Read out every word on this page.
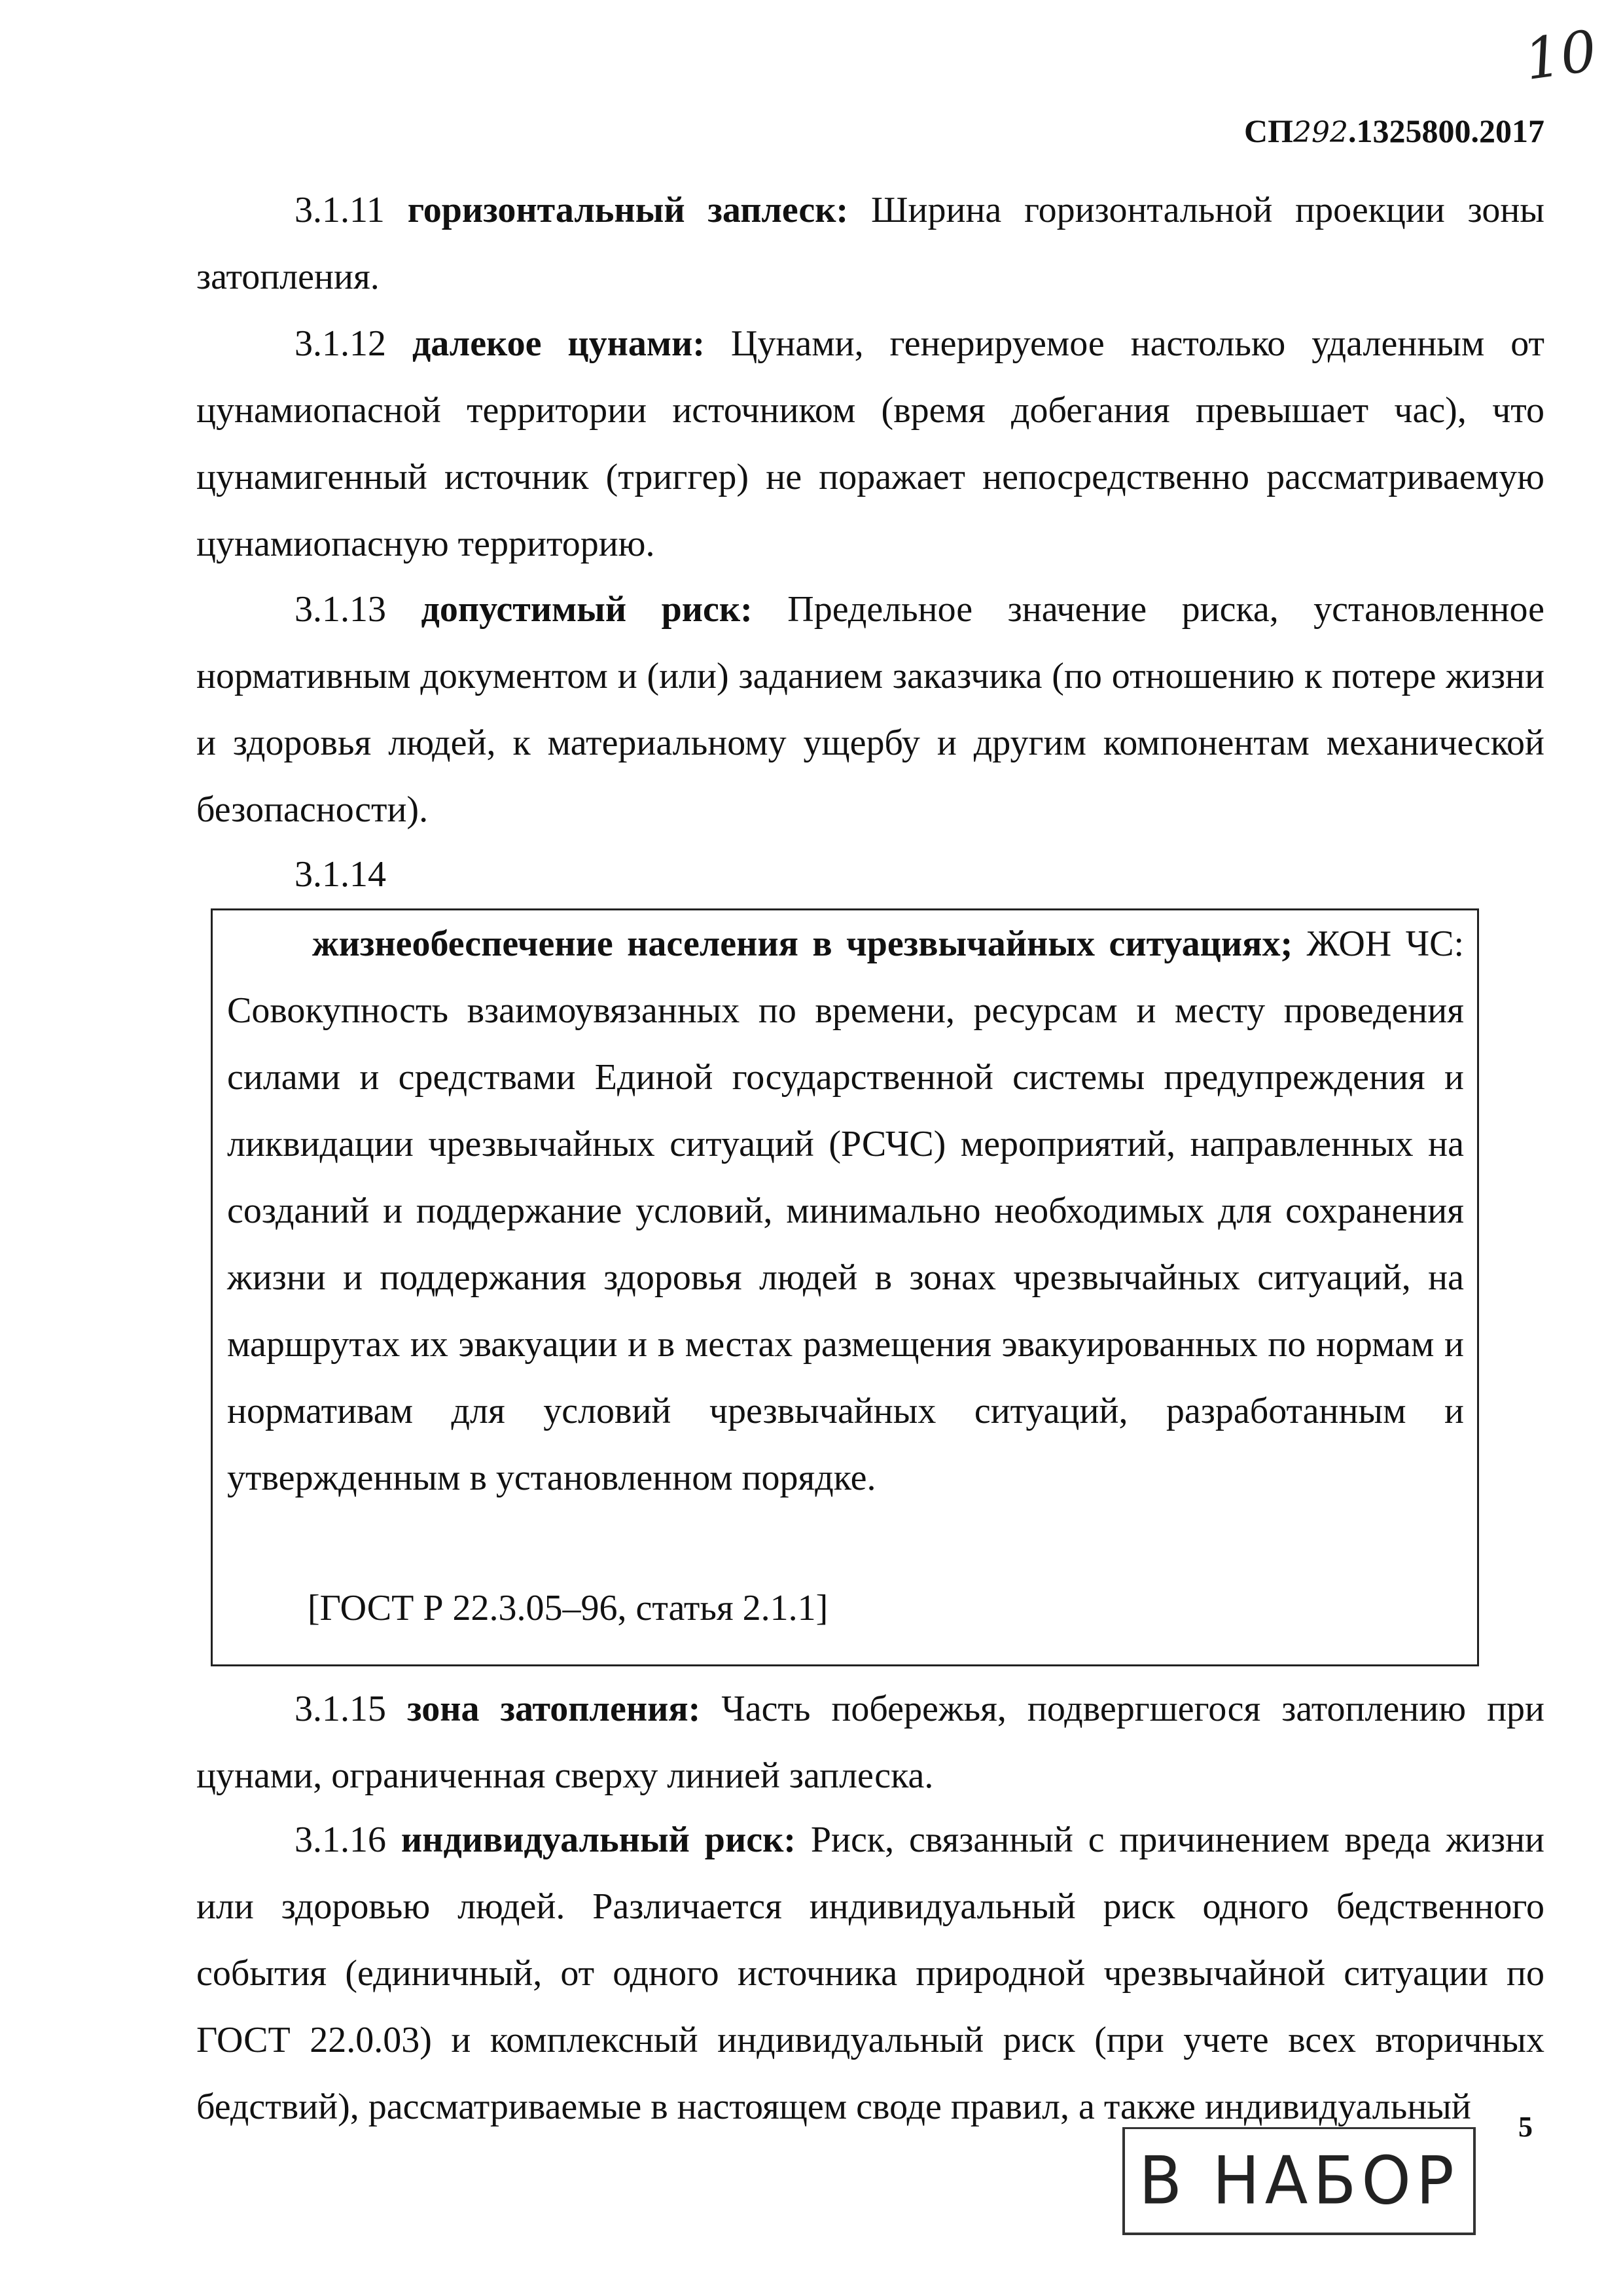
10
СП292.1325800.2017
3.1.11 горизонтальный заплеск: Ширина горизонтальной проекции зоны затопления.
3.1.12 далекое цунами: Цунами, генерируемое настолько удаленным от цунамиопасной территории источником (время добегания превышает час), что цунамигенный источник (триггер) не поражает непосредственно рассматриваемую цунамиопасную территорию.
3.1.13 допустимый риск: Предельное значение риска, установленное нормативным документом и (или) заданием заказчика (по отношению к потере жизни и здоровья людей, к материальному ущербу и другим компонентам механической безопасности).
3.1.14
жизнеобеспечение населения в чрезвычайных ситуациях; ЖОН ЧС: Совокупность взаимоувязанных по времени, ресурсам и месту проведения силами и средствами Единой государственной системы предупреждения и ликвидации чрезвычайных ситуаций (РСЧС) мероприятий, направленных на созданий и поддержание условий, минимально необходимых для сохранения жизни и поддержания здоровья людей в зонах чрезвычайных ситуаций, на маршрутах их эвакуации и в местах размещения эвакуированных по нормам и нормативам для условий чрезвычайных ситуаций, разработанным и утвержденным в установленном порядке.
[ГОСТ Р 22.3.05–96, статья 2.1.1]
3.1.15 зона затопления: Часть побережья, подвергшегося затоплению при цунами, ограниченная сверху линией заплеска.
3.1.16 индивидуальный риск: Риск, связанный с причинением вреда жизни или здоровью людей. Различается индивидуальный риск одного бедственного события (единичный, от одного источника природной чрезвычайной ситуации по ГОСТ 22.0.03) и комплексный индивидуальный риск (при учете всех вторичных бедствий), рассматриваемые в настоящем своде правил, а также индивидуальный	5
В НАБОР
